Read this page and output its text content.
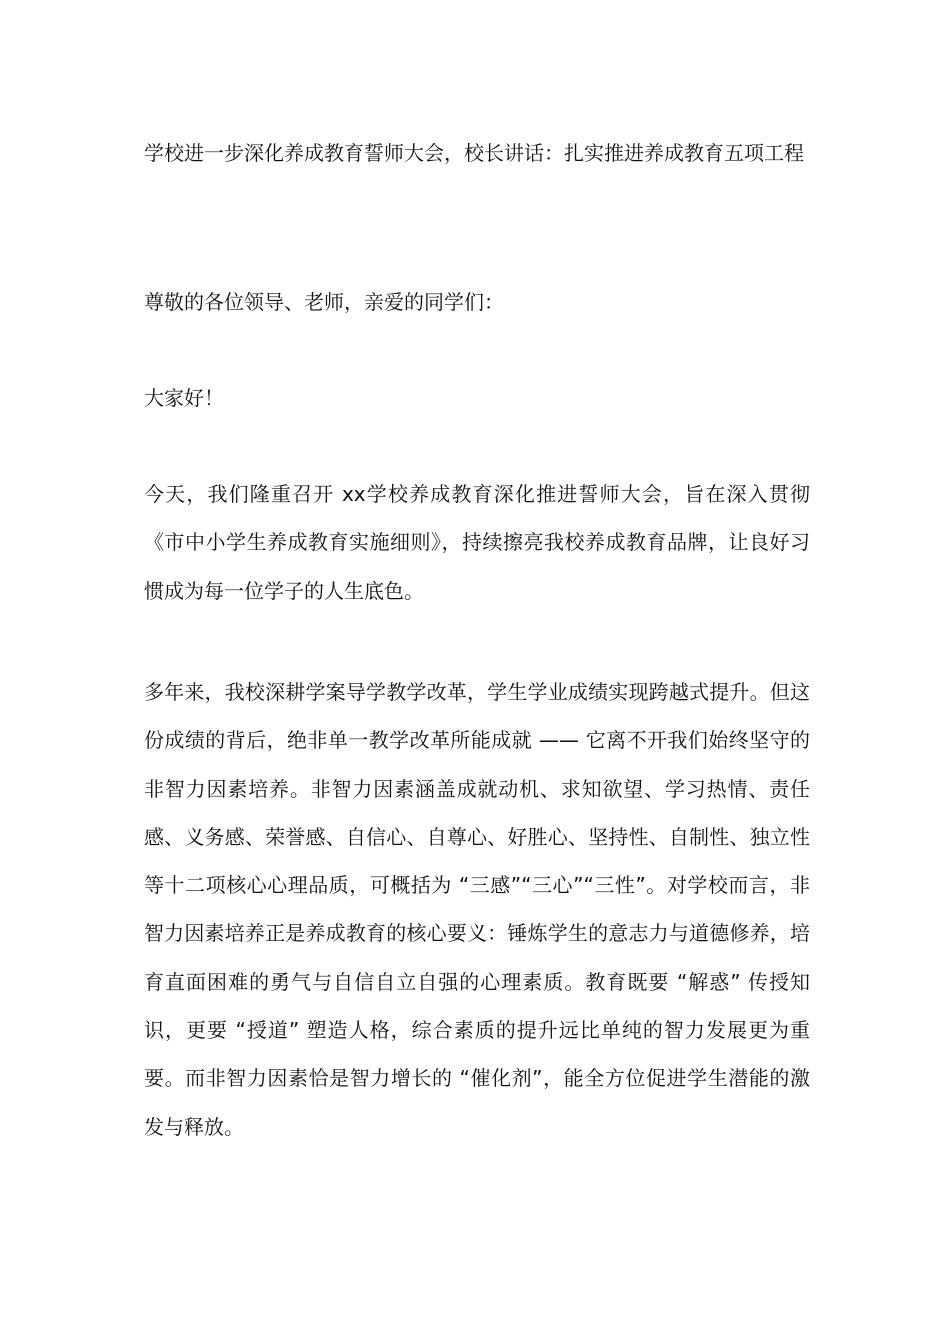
学校进一步深化养成教育誓师大会，校长讲话：扎实推进养成教育五项工程

尊敬的各位领导、老师，亲爱的同学们：

大家好！

今天，我们隆重召开 xx学校养成教育深化推进誓师大会，旨在深入贯彻《市中小学生养成教育实施细则》，持续擦亮我校养成教育品牌，让良好习惯成为每一位学子的人生底色。

多年来，我校深耕学案导学教学改革，学生学业成绩实现跨越式提升。但这份成绩的背后，绝非单一教学改革所能成就 —— 它离不开我们始终坚守的非智力因素培养。非智力因素涵盖成就动机、求知欲望、学习热情、责任感、义务感、荣誉感、自信心、自尊心、好胜心、坚持性、自制性、独立性等十二项核心心理品质，可概括为 “三感”“三心”“三性”。对学校而言，非智力因素培养正是养成教育的核心要义：锤炼学生的意志力与道德修养，培育直面困难的勇气与自信自立自强的心理素质。教育既要 “解惑” 传授知识，更要 “授道” 塑造人格，综合素质的提升远比单纯的智力发展更为重要。而非智力因素恰是智力增长的 “催化剂”，能全方位促进学生潜能的激发与释放。
